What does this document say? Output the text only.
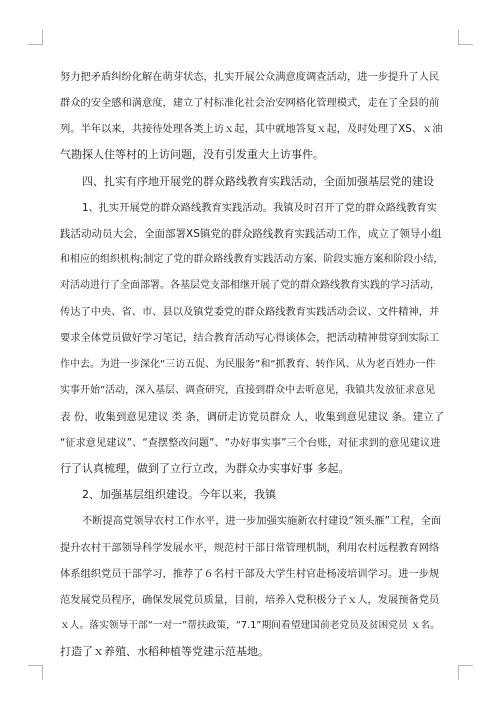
努力把矛盾纠纷化解在萌芽状态，扎实开展公众满意度调查活动，进一步提升了人民
群众的安全感和满意度，建立了村标准化社会治安网格化管理模式，走在了全县的前
列。半年以来，共接待处理各类上访ｘ起，其中就地答复ｘ起，及时处理了XS、ｘ油
气勘探人住等村的上访问题，没有引发重大上访事件。
四、扎实有序地开展党的群众路线教育实践活动，全面加强基层党的建设
1、扎实开展党的群众路线教育实践活动。我镇及时召开了党的群众路线教育实
践活动动员大会，全面部署XS镇党的群众路线教育实践活动工作，成立了领导小组
和相应的组织机构;制定了党的群众路线教育实践活动方案、阶段实施方案和阶段小结，
对活动进行了全面部署。各基层党支部相继开展了党的群众路线教育实践的学习活动，
传达了中央、省、市、县以及镇党委党的群众路线教育实践活动会议、文件精神，并
要求全体党员做好学习笔记，结合教育活动写心得谈体会，把活动精神贯穿到实际工
作中去。为进一步深化“三访五促、为民服务”和“抓教育、转作风、从为老百姓办一件
实事开始”活动，深入基层、调查研究，直接到群众中去听意见，我镇共发放征求意见
表 份，收集到意见建议 类 条，调研走访党员群众 人，收集到意见建议 条。建立了
“征求意见建议”、“查摆整改问题”、“办好事实事”三个台账，对征求到的意见建议进
行了认真梳理，做到了立行立改，为群众办实事好事 多起。
2、加强基层组织建设。今年以来，我镇
不断提高党领导农村工作水平，进一步加强实施新农村建设“领头雁”工程，全面
提升农村干部领导科学发展水平，规范村干部日常管理机制，利用农村远程教育网络
体系组织党员干部学习，推荐了６名村干部及大学生村官赴杨凌培训学习。进一步规
范发展党员程序，确保发展党员质量，目前，培养入党积极分子ｘ人，发展预备党员
ｘ人。落实领导干部“一对一”帮扶政策，“7.1”期间看望建国前老党员及贫困党员 ｘ名。
打造了ｘ养殖、水稻种植等党建示范基地。
